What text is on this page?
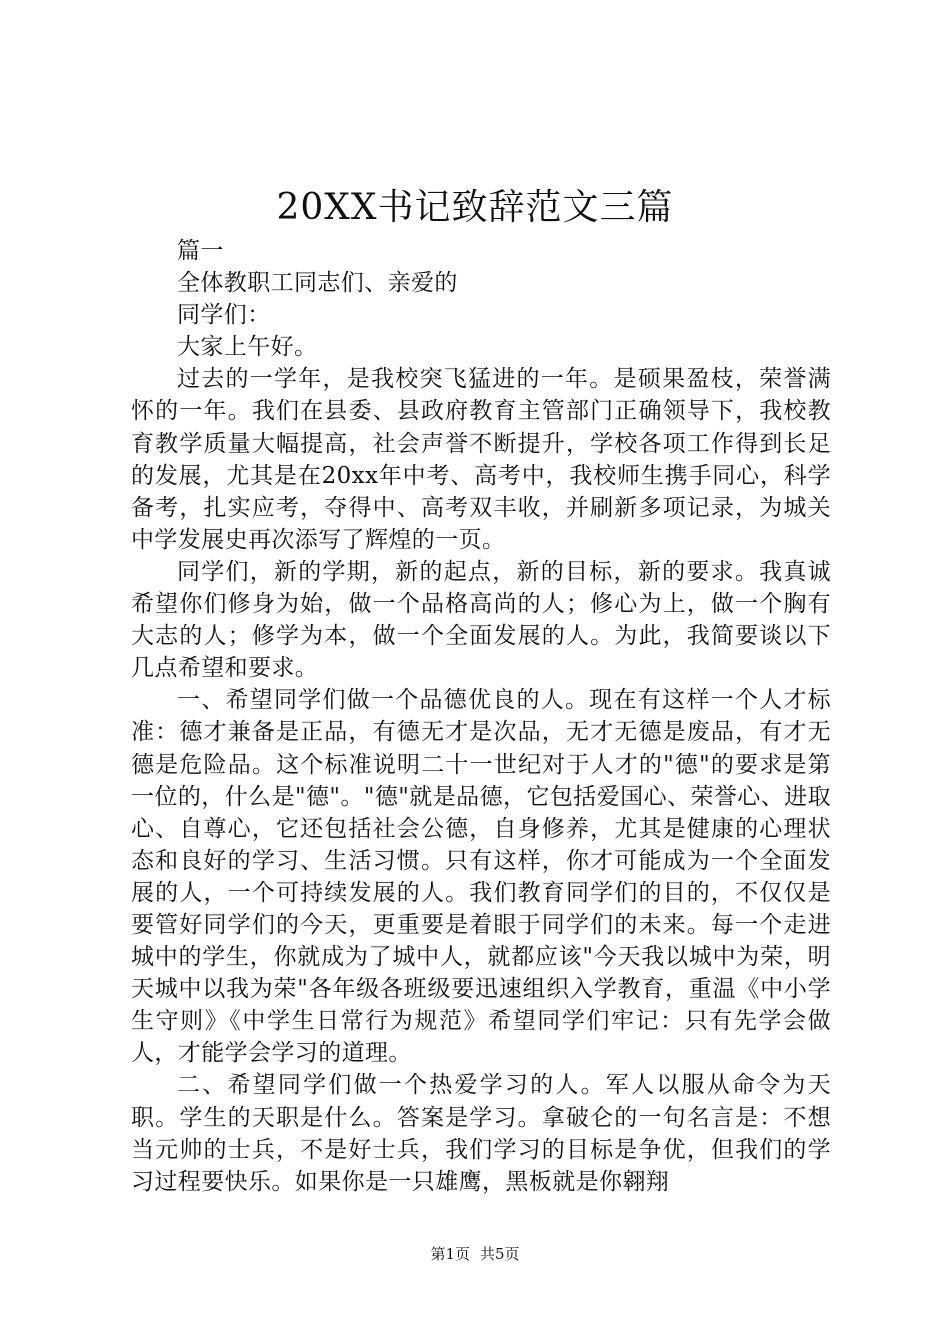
20XX书记致辞范文三篇

篇一

全体教职工同志们、亲爱的

同学们：

大家上午好。

过去的一学年，是我校突飞猛进的一年。是硕果盈枝，荣誉满怀的一年。我们在县委、县政府教育主管部门正确领导下，我校教育教学质量大幅提高，社会声誉不断提升，学校各项工作得到长足的发展，尤其是在20xx年中考、高考中，我校师生携手同心，科学备考，扎实应考，夺得中、高考双丰收，并刷新多项记录，为城关中学发展史再次添写了辉煌的一页。

同学们，新的学期，新的起点，新的目标，新的要求。我真诚希望你们修身为始，做一个品格高尚的人；修心为上，做一个胸有大志的人；修学为本，做一个全面发展的人。为此，我简要谈以下几点希望和要求。

一、希望同学们做一个品德优良的人。现在有这样一个人才标准：德才兼备是正品，有德无才是次品，无才无德是废品，有才无德是危险品。这个标准说明二十一世纪对于人才的"德"的要求是第一位的，什么是"德"。"德"就是品德，它包括爱国心、荣誉心、进取心、自尊心，它还包括社会公德，自身修养，尤其是健康的心理状态和良好的学习、生活习惯。只有这样，你才可能成为一个全面发展的人，一个可持续发展的人。我们教育同学们的目的，不仅仅是要管好同学们的今天，更重要是着眼于同学们的未来。每一个走进城中的学生，你就成为了城中人，就都应该"今天我以城中为荣，明天城中以我为荣"各年级各班级要迅速组织入学教育，重温《中小学生守则》《中学生日常行为规范》希望同学们牢记：只有先学会做人，才能学会学习的道理。

二、希望同学们做一个热爱学习的人。军人以服从命令为天职。学生的天职是什么。答案是学习。拿破仑的一句名言是：不想当元帅的士兵，不是好士兵，我们学习的目标是争优，但我们的学习过程要快乐。如果你是一只雄鹰，黑板就是你翱翔

第1页 共5页
